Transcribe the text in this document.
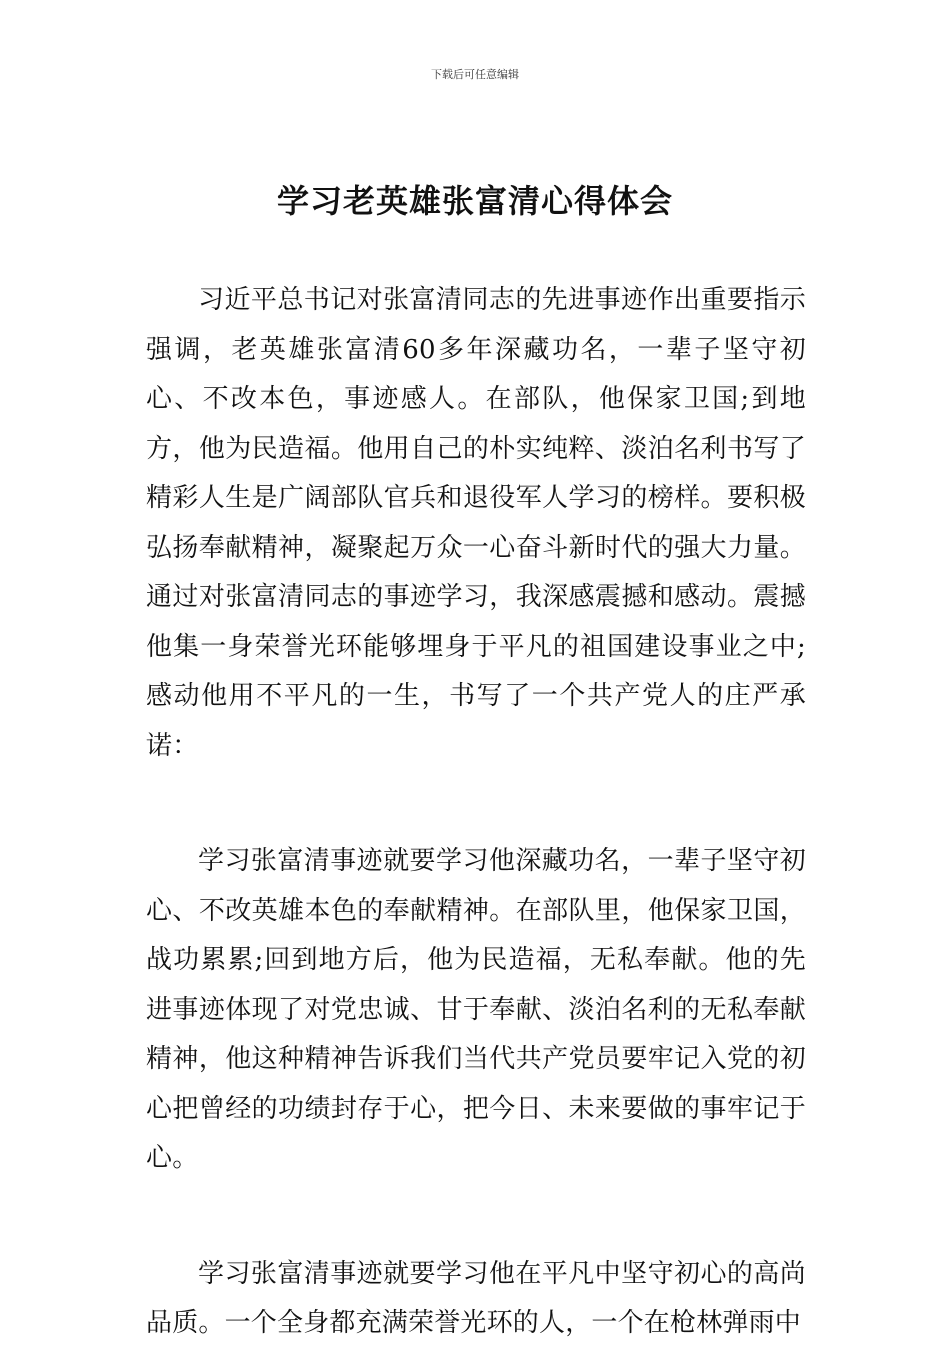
下载后可任意编辑
学习老英雄张富清心得体会

习近平总书记对张富清同志的先进事迹作出重要指示强调，老英雄张富清60多年深藏功名，一辈子坚守初心、不改本色，事迹感人。在部队，他保家卫国;到地方，他为民造福。他用自己的朴实纯粹、淡泊名利书写了精彩人生是广阔部队官兵和退役军人学习的榜样。要积极弘扬奉献精神，凝聚起万众一心奋斗新时代的强大力量。通过对张富清同志的事迹学习，我深感震撼和感动。震撼他集一身荣誉光环能够埋身于平凡的祖国建设事业之中;感动他用不平凡的一生，书写了一个共产党人的庄严承诺：

学习张富清事迹就要学习他深藏功名，一辈子坚守初心、不改英雄本色的奉献精神。在部队里，他保家卫国，战功累累;回到地方后，他为民造福，无私奉献。他的先进事迹体现了对党忠诚、甘于奉献、淡泊名利的无私奉献精神，他这种精神告诉我们当代共产党员要牢记入党的初心把曾经的功绩封存于心，把今日、未来要做的事牢记于心。

学习张富清事迹就要学习他在平凡中坚守初心的高尚品质。一个全身都充满荣誉光环的人，一个在枪林弹雨中
